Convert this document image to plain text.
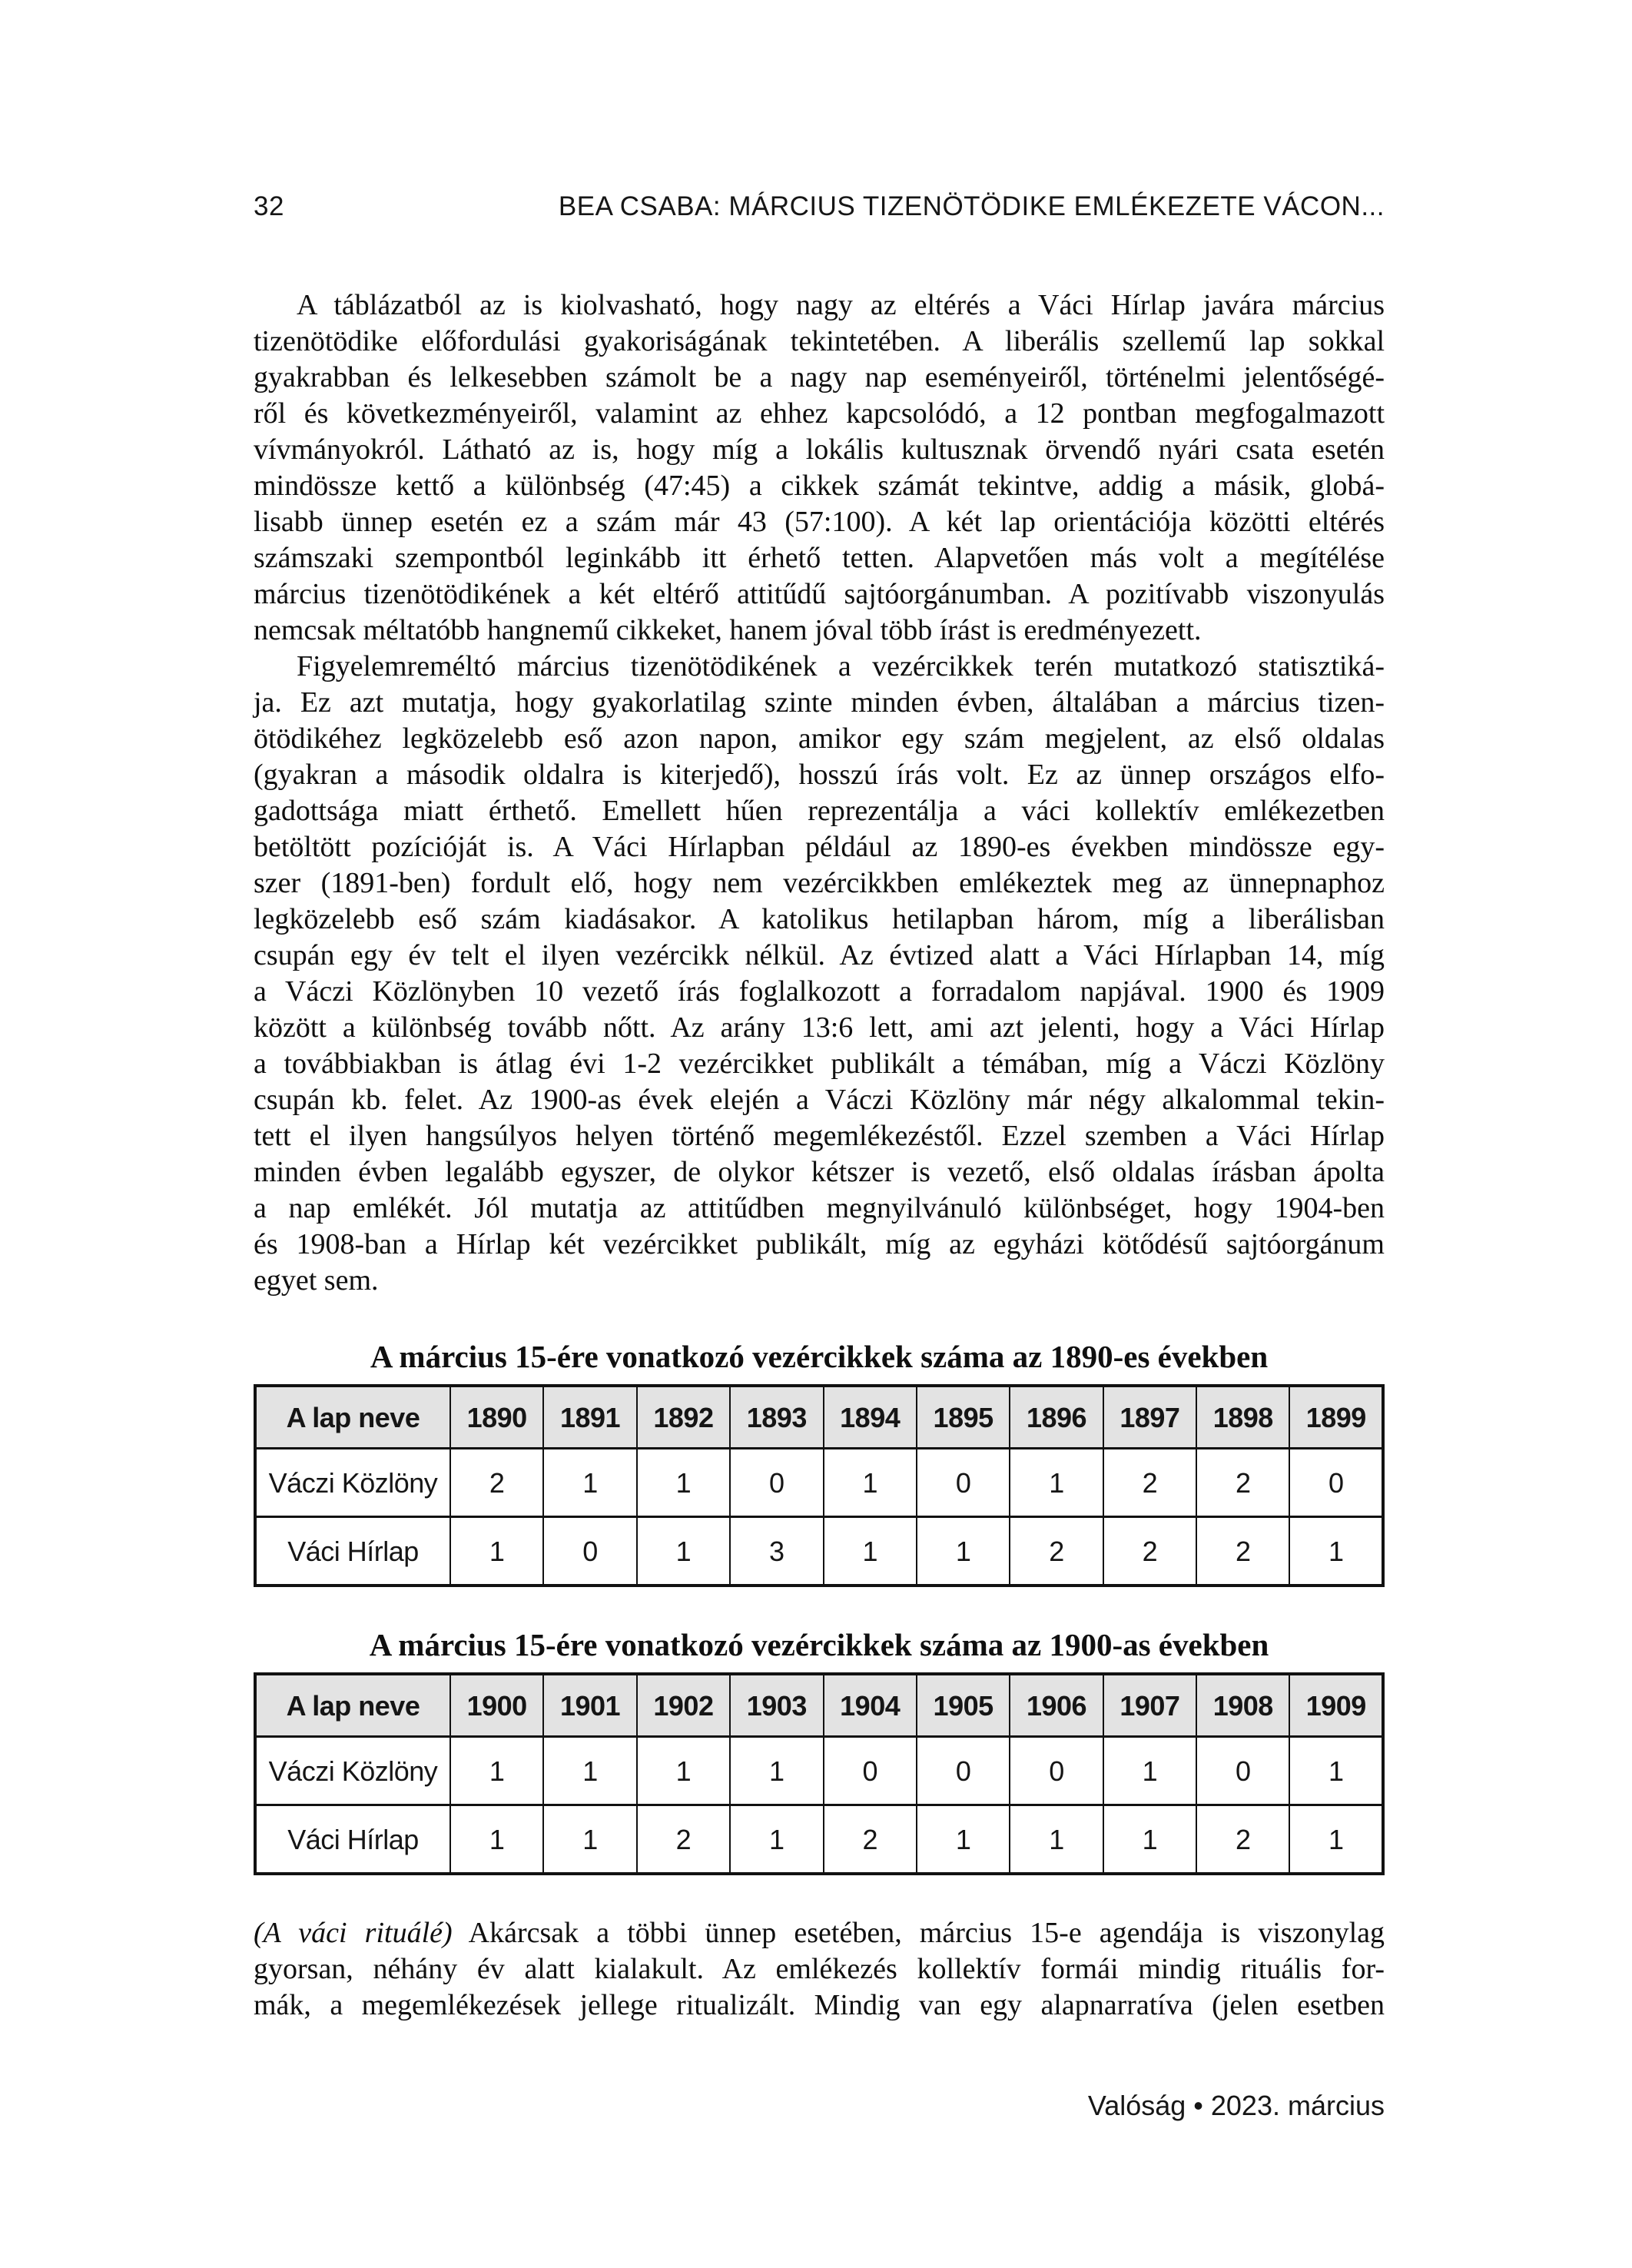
32	BEA CSABA: MÁRCIUS TIZENÖTÖDIKE EMLÉKEZETE VÁCON...
A táblázatból az is kiolvasható, hogy nagy az eltérés a Váci Hírlap javára március
tizenötödike előfordulási gyakoriságának tekintetében. A liberális szellemű lap sokkal
gyakrabban és lelkesebben számolt be a nagy nap eseményeiről, történelmi jelentőségé-
ről és következményeiről, valamint az ehhez kapcsolódó, a 12 pontban megfogalmazott
vívmányokról. Látható az is, hogy míg a lokális kultusznak örvendő nyári csata esetén
mindössze kettő a különbség (47:45) a cikkek számát tekintve, addig a másik, globá-
lisabb ünnep esetén ez a szám már 43 (57:100). A két lap orientációja közötti eltérés
számszaki szempontból leginkább itt érhető tetten. Alapvetően más volt a megítélése
március tizenötödikének a két eltérő attitűdű sajtóorgánumban. A pozitívabb viszonyulás
nemcsak méltatóbb hangnemű cikkeket, hanem jóval több írást is eredményezett.
Figyelemreméltó március tizenötödikének a vezércikkek terén mutatkozó statisztiká-
ja. Ez azt mutatja, hogy gyakorlatilag szinte minden évben, általában a március tizen-
ötödikéhez legközelebb eső azon napon, amikor egy szám megjelent, az első oldalas
(gyakran a második oldalra is kiterjedő), hosszú írás volt. Ez az ünnep országos elfo-
gadottsága miatt érthető. Emellett hűen reprezentálja a váci kollektív emlékezetben
betöltött pozícióját is. A Váci Hírlapban például az 1890-es években mindössze egy-
szer (1891-ben) fordult elő, hogy nem vezércikkben emlékeztek meg az ünnepnaphoz
legközelebb eső szám kiadásakor. A katolikus hetilapban három, míg a liberálisban
csupán egy év telt el ilyen vezércikk nélkül. Az évtized alatt a Váci Hírlapban 14, míg
a Váczi Közlönyben 10 vezető írás foglalkozott a forradalom napjával. 1900 és 1909
között a különbség tovább nőtt. Az arány 13:6 lett, ami azt jelenti, hogy a Váci Hírlap
a továbbiakban is átlag évi 1-2 vezércikket publikált a témában, míg a Váczi Közlöny
csupán kb. felet. Az 1900-as évek elején a Váczi Közlöny már négy alkalommal tekin-
tett el ilyen hangsúlyos helyen történő megemlékezéstől. Ezzel szemben a Váci Hírlap
minden évben legalább egyszer, de olykor kétszer is vezető, első oldalas írásban ápolta
a nap emlékét. Jól mutatja az attitűdben megnyilvánuló különbséget, hogy 1904-ben
és 1908-ban a Hírlap két vezércikket publikált, míg az egyházi kötődésű sajtóorgánum
egyet sem.
A március 15-ére vonatkozó vezércikkek száma az 1890-es években
A lap neve	1890	1891	1892	1893	1894	1895	1896	1897	1898	1899
Váczi Közlöny	2	1	1	0	1	0	1	2	2	0
Váci Hírlap	1	0	1	3	1	1	2	2	2	1
A március 15-ére vonatkozó vezércikkek száma az 1900-as években
A lap neve	1900	1901	1902	1903	1904	1905	1906	1907	1908	1909
Váczi Közlöny	1	1	1	1	0	0	0	1	0	1
Váci Hírlap	1	1	2	1	2	1	1	1	2	1
(A váci rituálé) Akárcsak a többi ünnep esetében, március 15-e agendája is viszonylag
gyorsan, néhány év alatt kialakult. Az emlékezés kollektív formái mindig rituális for-
mák, a megemlékezések jellege ritualizált. Mindig van egy alapnarratíva (jelen esetben
Valóság • 2023. március
